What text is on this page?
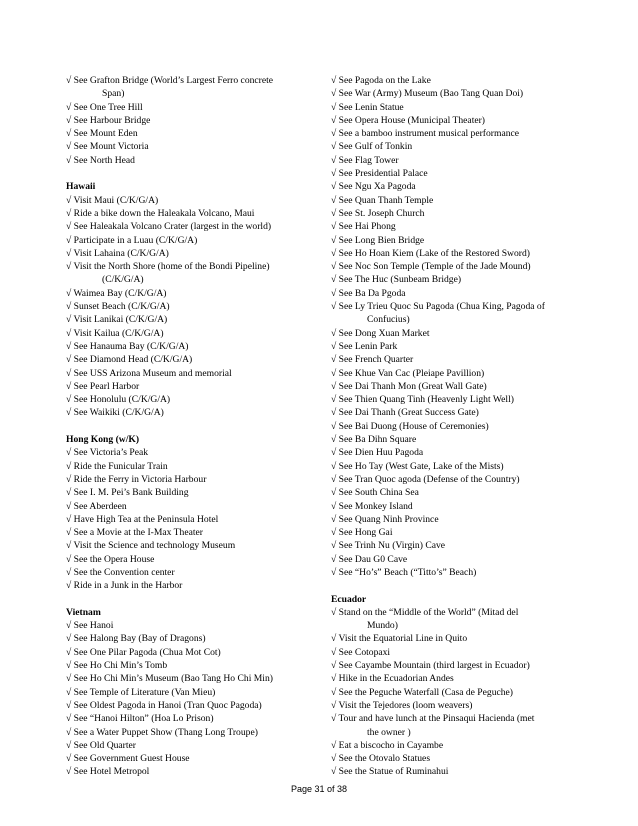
√ See Grafton Bridge (World’s Largest Ferro concrete
Span)
√ See One Tree Hill
√ See Harbour Bridge
√ See Mount Eden
√ See Mount Victoria
√ See North Head
Hawaii
√ Visit Maui (C/K/G/A)
√ Ride a bike down the Haleakala Volcano, Maui
√ See Haleakala Volcano Crater (largest in the world)
√ Participate in a Luau (C/K/G/A)
√ Visit Lahaina (C/K/G/A)
√ Visit the North Shore (home of the Bondi Pipeline)
(C/K/G/A)
√ Waimea Bay (C/K/G/A)
√ Sunset Beach (C/K/G/A)
√ Visit Lanikai (C/K/G/A)
√ Visit Kailua (C/K/G/A)
√ See Hanauma Bay (C/K/G/A)
√ See Diamond Head (C/K/G/A)
√ See USS Arizona Museum and memorial
√ See Pearl Harbor
√ See Honolulu (C/K/G/A)
√ See Waikiki (C/K/G/A)
Hong Kong (w/K)
√ See Victoria’s Peak
√ Ride the Funicular Train
√ Ride the Ferry in Victoria Harbour
√ See I. M. Pei’s Bank Building
√ See Aberdeen
√ Have High Tea at the Peninsula Hotel
√ See a Movie at the I-Max Theater
√ Visit the Science and technology Museum
√ See the Opera House
√ See the Convention center
√ Ride in a Junk in the Harbor
Vietnam
√ See Hanoi
√ See Halong Bay (Bay of Dragons)
√ See One Pilar Pagoda (Chua Mot Cot)
√ See Ho Chi Min’s Tomb
√ See Ho Chi Min’s Museum (Bao Tang Ho Chi Min)
√ See Temple of Literature (Van Mieu)
√ See Oldest Pagoda in Hanoi (Tran Quoc Pagoda)
√ See “Hanoi Hilton” (Hoa Lo Prison)
√ See a Water Puppet Show (Thang Long Troupe)
√ See Old Quarter
√ See Government Guest House
√ See Hotel Metropol
√ See Pagoda on the Lake
√ See War (Army) Museum (Bao Tang Quan Doi)
√ See Lenin Statue
√ See Opera House (Municipal Theater)
√ See a bamboo instrument musical performance
√ See Gulf of Tonkin
√ See Flag Tower
√ See Presidential Palace
√ See Ngu Xa Pagoda
√ See Quan Thanh Temple
√ See St. Joseph Church
√ See Hai Phong
√ See Long Bien Bridge
√ See Ho Hoan Kiem (Lake of the Restored Sword)
√ See Noc Son Temple (Temple of the Jade Mound)
√ See The Huc (Sunbeam Bridge)
√ See Ba Da Pgoda
√ See Ly Trieu Quoc Su Pagoda (Chua King, Pagoda of
Confucius)
√ See Dong Xuan Market
√ See Lenin Park
√ See French Quarter
√ See Khue Van Cac (Pleiape Pavillion)
√ See Dai Thanh Mon (Great Wall Gate)
√ See Thien Quang Tinh (Heavenly Light Well)
√ See Dai Thanh (Great Success Gate)
√ See Bai Duong (House of Ceremonies)
√ See Ba Dihn Square
√ See Dien Huu Pagoda
√ See Ho Tay (West Gate, Lake of the Mists)
√ See Tran Quoc agoda (Defense of the Country)
√ See South China Sea
√ See Monkey Island
√ See Quang Ninh Province
√ See Hong Gai
√ See Trinh Nu (Virgin) Cave
√ See Dau G0 Cave
√ See “Ho’s” Beach (“Titto’s” Beach)
Ecuador
√ Stand on the “Middle of the World” (Mitad del
Mundo)
√ Visit the Equatorial Line in Quito
√ See Cotopaxi
√ See Cayambe Mountain (third largest in Ecuador)
√ Hike in the Ecuadorian Andes
√ See the Peguche Waterfall (Casa de Peguche)
√ Visit the Tejedores (loom weavers)
√ Tour and have lunch at the Pinsaqui Hacienda (met
the owner )
√ Eat a biscocho in Cayambe
√ See the Otovalo Statues
√ See the Statue of Ruminahui
Page 31 of 38
